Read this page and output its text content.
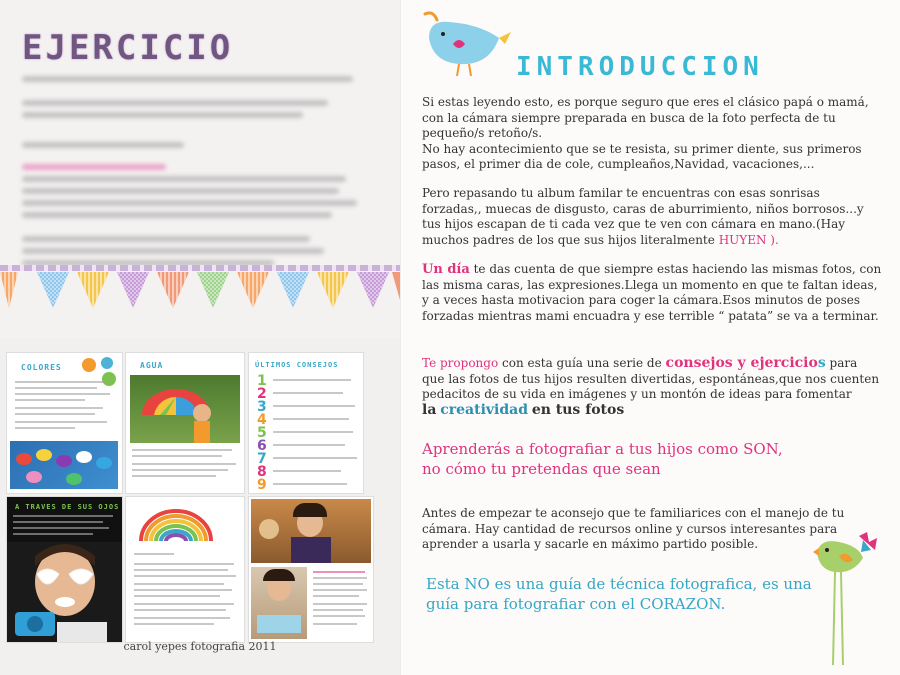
EJERCICIO
COLORES	AGUA	ÚLTIMOS CONSEJOS
1
2
3
4
5
6
7
8
9
A TRAVES DE SUS OJOS
carol yepes fotografia 2011
INTRODUCCION
Si estas leyendo esto, es porque seguro que eres el clásico papá o mamá, con la cámara siempre preparada en busca de la foto perfecta de tu pequeño/s retoño/s.
No hay acontecimiento que se te resista, su primer diente, sus primeros pasos, el primer dia de cole, cumpleaños,Navidad, vacaciones,...
Pero repasando tu album familar te encuentras con esas sonrisas forzadas,, muecas de disgusto, caras de aburrimiento, niños borrosos...y tus hijos escapan de ti cada vez que te ven con cámara en mano.(Hay muchos padres de los que sus hijos literalmente HUYEN ).
Un día te das cuenta de que siempre estas haciendo las mismas fotos, con las misma caras, las expresiones.Llega un momento en que te faltan ideas, y a veces hasta motivacion para coger la cámara.Esos minutos de poses forzadas mientras mami encuadra y ese terrible “ patata” se va a terminar.
Te propongo con esta guía una serie de consejos y ejercicios para que las fotos de tus hijos resulten divertidas, espontáneas,que nos cuenten pedacitos de su vida en imágenes y un montón de ideas para fomentar
la creatividad en tus fotos
Aprenderás a fotografiar a tus hijos como SON,
no cómo tu pretendas que sean
Antes de empezar te aconsejo que te familiarices con el manejo de tu cámara. Hay cantidad de recursos online y cursos interesantes para aprender a usarla y sacarle en máximo partido posible.
Esta NO es una guía de técnica fotografica, es una guía para fotografiar con el CORAZON.
